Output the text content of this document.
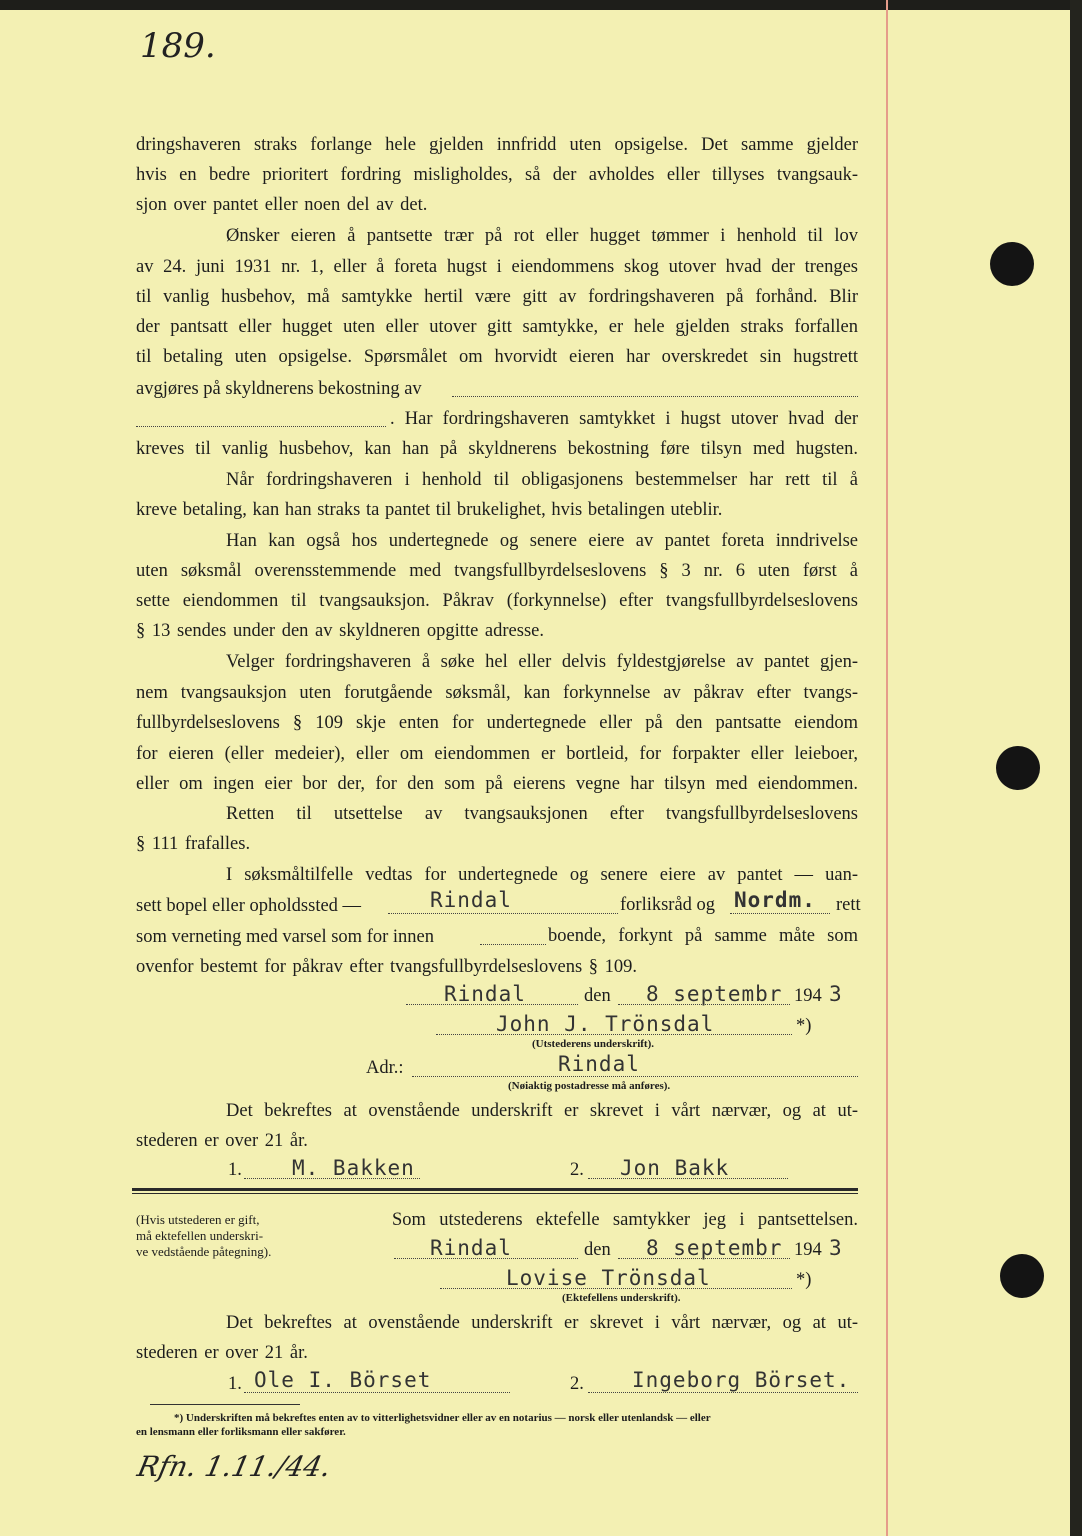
189.
dringshaveren straks forlange hele gjelden innfridd uten opsigelse. Det samme gjelder
hvis en bedre prioritert fordring misligholdes, så der avholdes eller tillyses tvangsauk-
sjon over pantet eller noen del av det.
Ønsker eieren å pantsette trær på rot eller hugget tømmer i henhold til lov
av 24. juni 1931 nr. 1, eller å foreta hugst i eiendommens skog utover hvad der trenges
til vanlig husbehov, må samtykke hertil være gitt av fordringshaveren på forhånd. Blir
der pantsatt eller hugget uten eller utover gitt samtykke, er hele gjelden straks forfallen
til betaling uten opsigelse. Spørsmålet om hvorvidt eieren har overskredet sin hugstrett
avgjøres på skyldnerens bekostning av
. Har fordringshaveren samtykket i hugst utover hvad der
kreves til vanlig husbehov, kan han på skyldnerens bekostning føre tilsyn med hugsten.
Når fordringshaveren i henhold til obligasjonens bestemmelser har rett til å
kreve betaling, kan han straks ta pantet til brukelighet, hvis betalingen uteblir.
Han kan også hos undertegnede og senere eiere av pantet foreta inndrivelse
uten søksmål overensstemmende med tvangsfullbyrdelseslovens § 3 nr. 6 uten først å
sette eiendommen til tvangsauksjon. Påkrav (forkynnelse) efter tvangsfullbyrdelseslovens
§ 13 sendes under den av skyldneren opgitte adresse.
Velger fordringshaveren å søke hel eller delvis fyldestgjørelse av pantet gjen-
nem tvangsauksjon uten forutgående søksmål, kan forkynnelse av påkrav efter tvangs-
fullbyrdelseslovens § 109 skje enten for undertegnede eller på den pantsatte eiendom
for eieren (eller medeier), eller om eiendommen er bortleid, for forpakter eller leieboer,
eller om ingen eier bor der, for den som på eierens vegne har tilsyn med eiendommen.
Retten til utsettelse av tvangsauksjonen efter tvangsfullbyrdelseslovens
§ 111 frafalles.
I søksmåltilfelle vedtas for undertegnede og senere eiere av pantet — uan-
sett bopel eller opholdssted —	Rindal	forliksråd og Nordm. rett
som verneting med varsel som for innen	boende, forkynt på samme måte som
ovenfor bestemt for påkrav efter tvangsfullbyrdelseslovens § 109.
Rindal	den 8 septembr 194 3
John J. Trönsdal	*)
(Utstederens underskrift).
Adr.:	Rindal
(Nøiaktig postadresse må anføres).
Det bekreftes at ovenstående underskrift er skrevet i vårt nærvær, og at ut-
stederen er over 21 år.
1. M. Bakken	2. Jon Bakk
(Hvis utstederen er gift,
må ektefellen underskri-
ve vedstående påtegning).
Som utstederens ektefelle samtykker jeg i pantsettelsen.
Rindal	den 8 septembr 194 3
Lovise Trönsdal	*)
(Ektefellens underskrift).
Det bekreftes at ovenstående underskrift er skrevet i vårt nærvær, og at ut-
stederen er over 21 år.
1. Ole I. Börset	2. Ingeborg Börset.
*) Underskriften må bekreftes enten av to vitterlighetsvidner eller av en notarius — norsk eller utenlandsk — eller
en lensmann eller forliksmann eller sakfører.
Rfn. 1.11./44.
